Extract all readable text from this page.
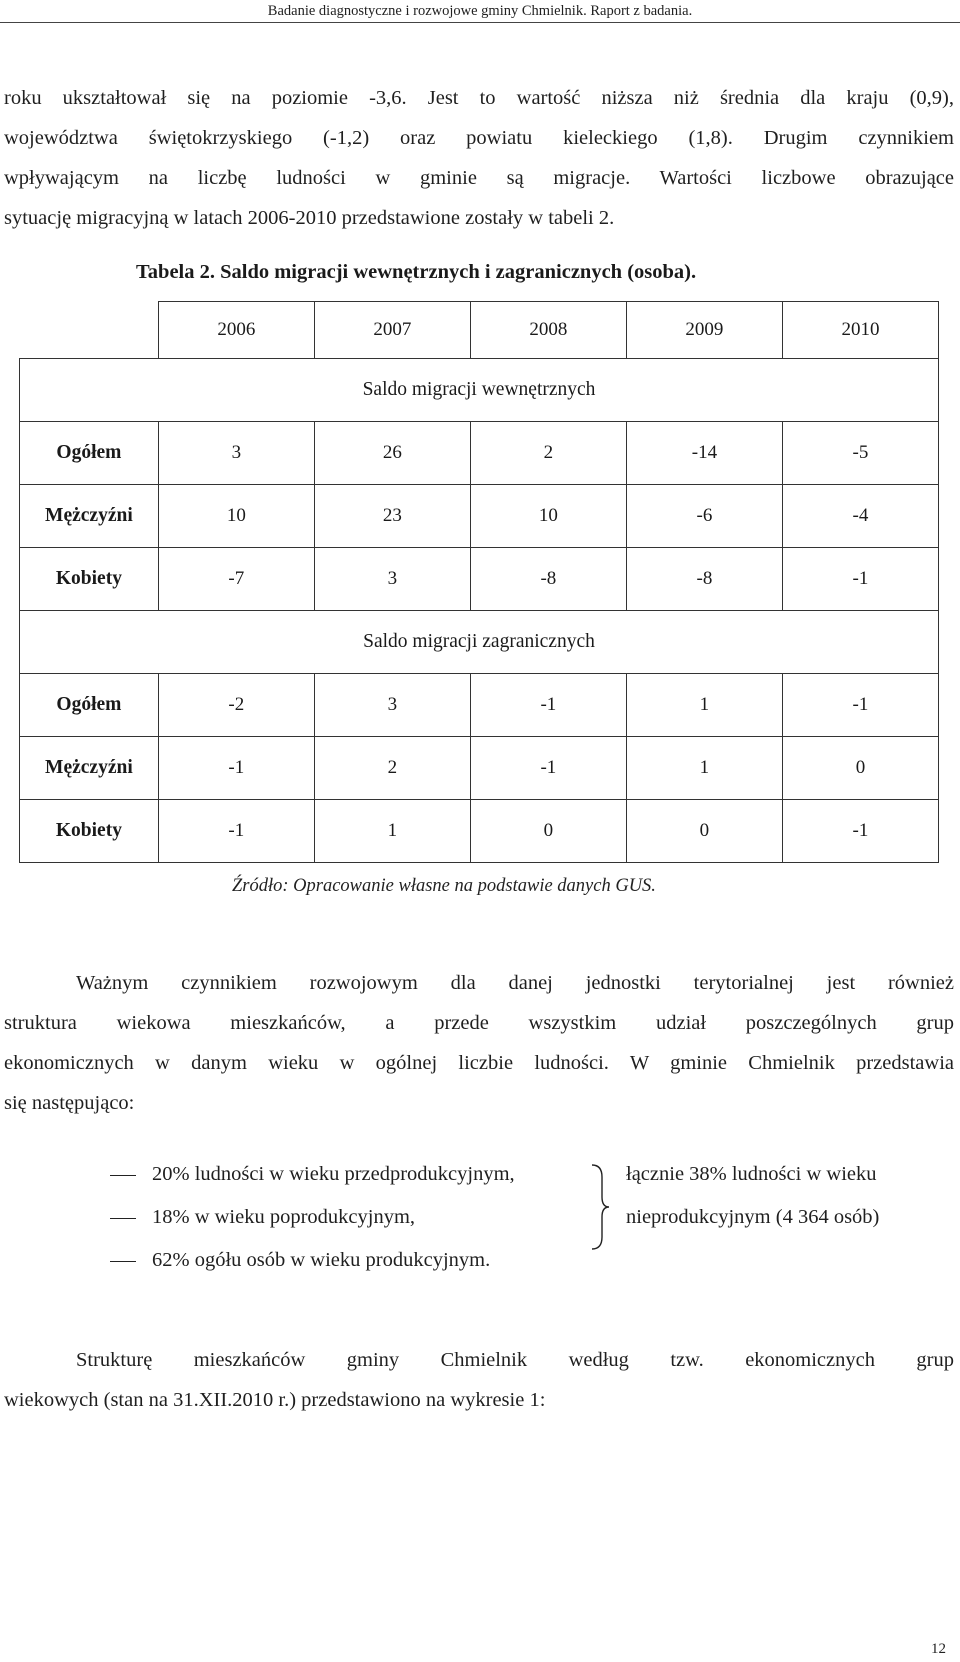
Badanie diagnostyczne i rozwojowe gminy Chmielnik. Raport z badania.
roku ukształtował się na poziomie -3,6. Jest to wartość niższa niż średnia dla kraju (0,9),
województwa świętokrzyskiego (-1,2) oraz powiatu kieleckiego (1,8). Drugim czynnikiem
wpływającym na liczbę ludności w gminie są migracje. Wartości liczbowe obrazujące
sytuację migracyjną w latach 2006-2010 przedstawione zostały w tabeli 2.
Tabela 2. Saldo migracji wewnętrznych i zagranicznych (osoba).
	2006	2007	2008	2009	2010
Saldo migracji wewnętrznych					
Ogółem	3	26	2	-14	-5
Mężczyźni	10	23	10	-6	-4
Kobiety	-7	3	-8	-8	-1
Saldo migracji zagranicznych					
Ogółem	-2	3	-1	1	-1
Mężczyźni	-1	2	-1	1	0
Kobiety	-1	1	0	0	-1
Źródło: Opracowanie własne na podstawie danych GUS.
Ważnym czynnikiem rozwojowym dla danej jednostki terytorialnej jest również
struktura wiekowa mieszkańców, a przede wszystkim udział poszczególnych grup
ekonomicznych w danym wieku w ogólnej liczbie ludności. W gminie Chmielnik przedstawia
się następująco:
20% ludności w wieku przedprodukcyjnym,
18% w wieku poprodukcyjnym,
62% ogółu osób w wieku produkcyjnym.
łącznie 38% ludności w wieku
nieprodukcyjnym (4 364 osób)
Strukturę mieszkańców gminy Chmielnik według tzw. ekonomicznych grup
wiekowych (stan na 31.XII.2010 r.) przedstawiono na wykresie 1:
12
